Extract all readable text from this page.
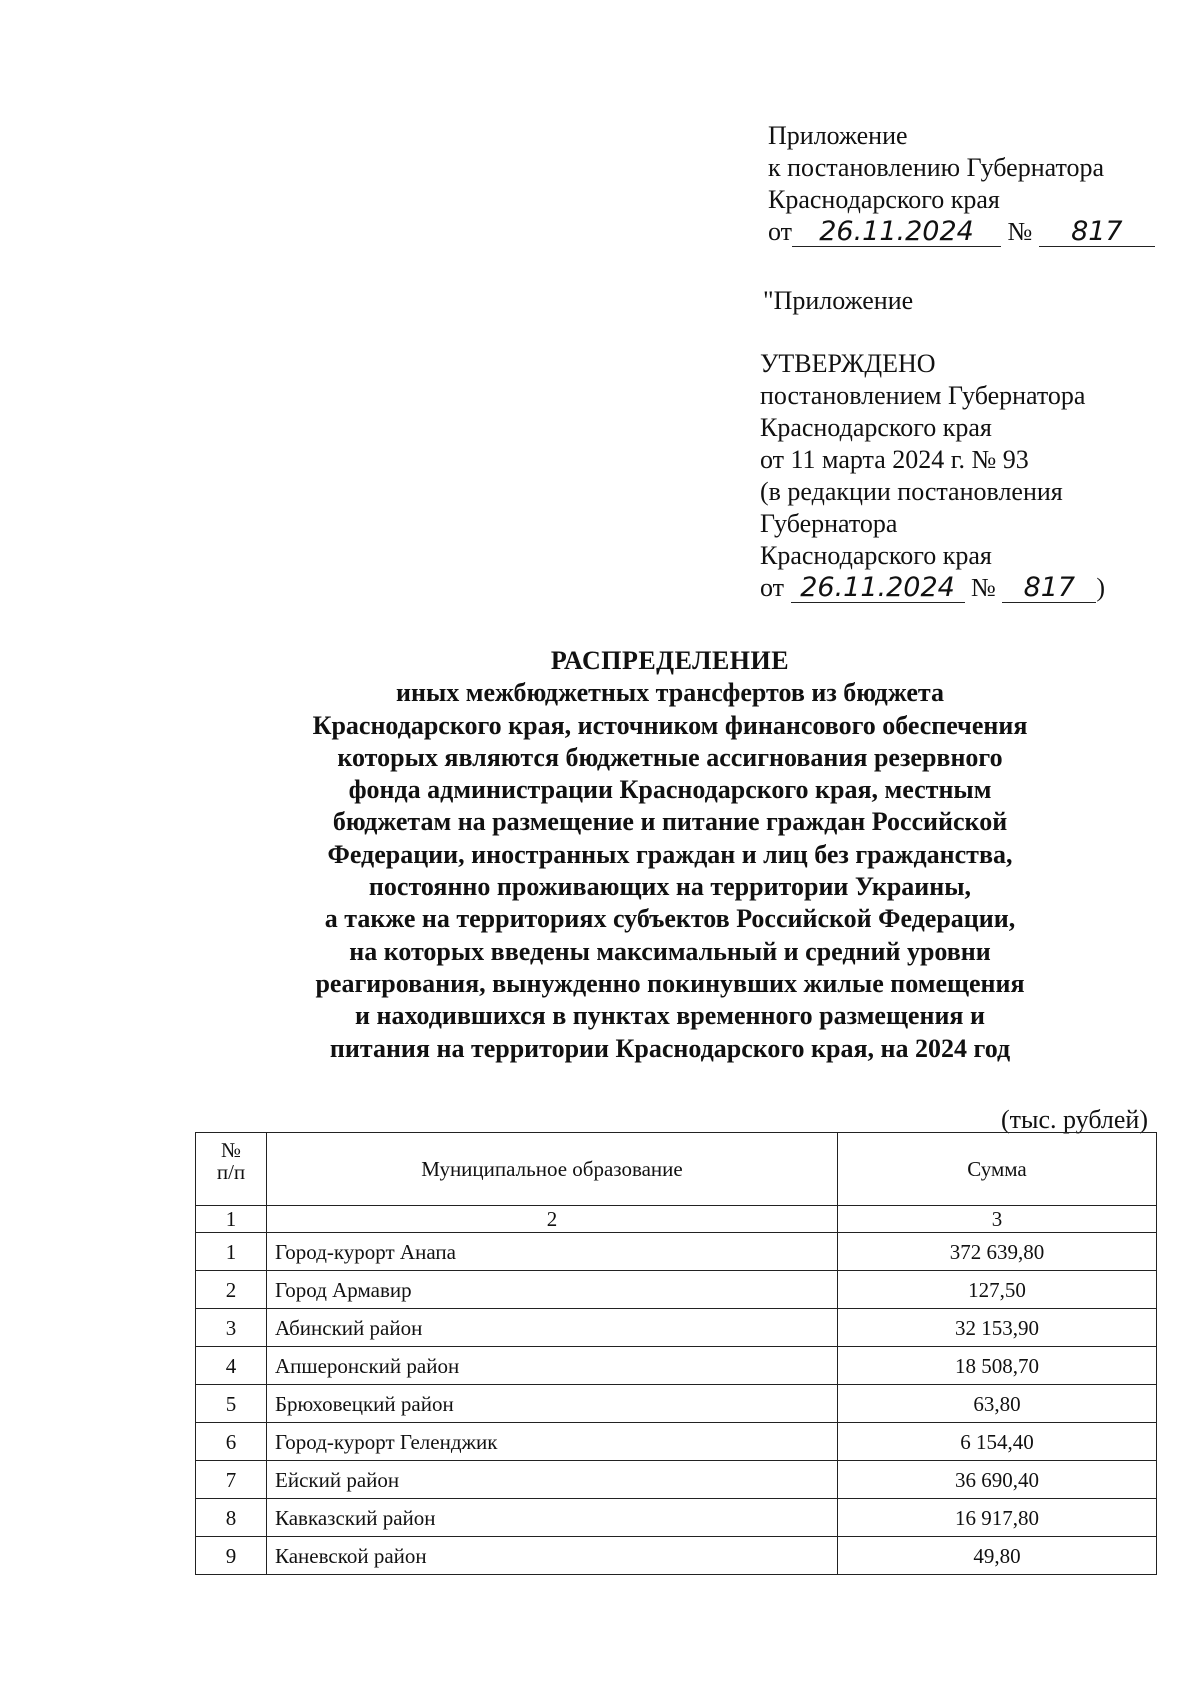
Приложение
к постановлению Губернатора
Краснодарского края
от 26.11.2024 № 817
"Приложение
УТВЕРЖДЕНО
постановлением Губернатора
Краснодарского края
от 11 марта 2024 г. № 93
(в редакции постановления
Губернатора
Краснодарского края
от 26.11.2024 № 817 )
РАСПРЕДЕЛЕНИЕ
иных межбюджетных трансфертов из бюджета
Краснодарского края, источником финансового обеспечения
которых являются бюджетные ассигнования резервного
фонда администрации Краснодарского края, местным
бюджетам на размещение и питание граждан Российской
Федерации, иностранных граждан и лиц без гражданства,
постоянно проживающих на территории Украины,
а также на территориях субъектов Российской Федерации,
на которых введены максимальный и средний уровни
реагирования, вынужденно покинувших жилые помещения
и находившихся в пунктах временного размещения и
питания на территории Краснодарского края, на 2024 год
(тыс. рублей)
№
п/п	Муниципальное образование	Сумма
1	2	3
1	Город-курорт Анапа	372 639,80
2	Город Армавир	127,50
3	Абинский район	32 153,90
4	Апшеронский район	18 508,70
5	Брюховецкий район	63,80
6	Город-курорт Геленджик	6 154,40
7	Ейский район	36 690,40
8	Кавказский район	16 917,80
9	Каневской район	49,80
